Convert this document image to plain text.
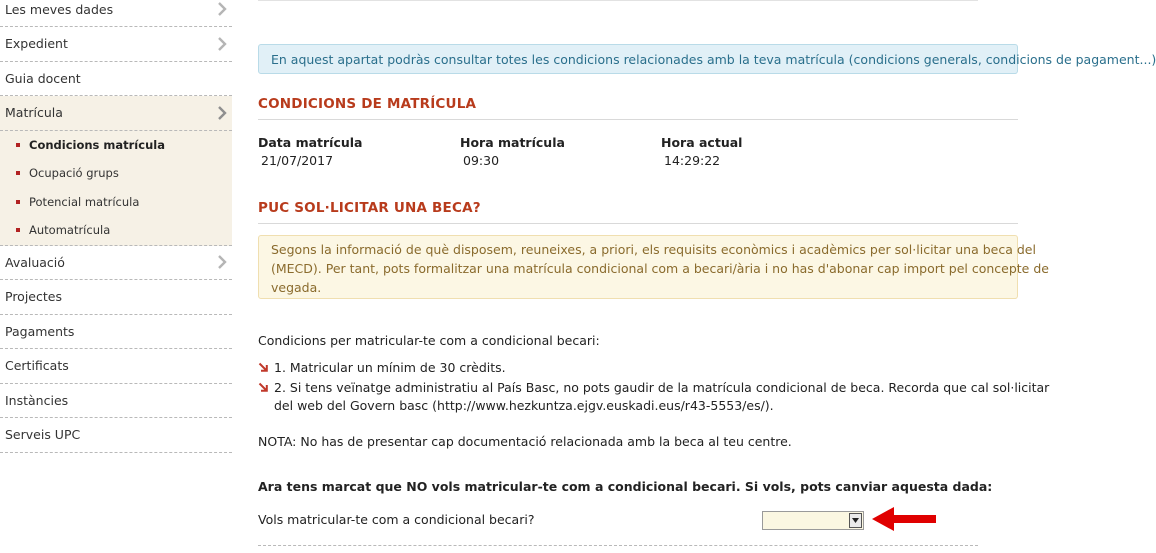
Les meves dades
Expedient
Guia docent
Matrícula
Condicions matrícula
Ocupació grups
Potencial matrícula
Automatrícula
Avaluació
Projectes
Pagaments
Certificats
Instàncies
Serveis UPC
En aquest apartat podràs consultar totes les condicions relacionades amb la teva matrícula (condicions generals, condicions de pagament...)
CONDICIONS DE MATRÍCULA
Data matrícula
21/07/2017
Hora matrícula
09:30
Hora actual
14:29:22
PUC SOL·LICITAR UNA BECA?
Segons la informació de què disposem, reuneixes, a priori, els requisits econòmics i acadèmics per sol·licitar una beca del
(MECD). Per tant, pots formalitzar una matrícula condicional com a becari/ària i no has d'abonar cap import pel concepte de
vegada.
Condicions per matricular-te com a condicional becari:
1. Matricular un mínim de 30 crèdits.
2. Si tens veïnatge administratiu al País Basc, no pots gaudir de la matrícula condicional de beca. Recorda que cal sol·licitar
del web del Govern basc (http://www.hezkuntza.ejgv.euskadi.eus/r43-5553/es/).
NOTA: No has de presentar cap documentació relacionada amb la beca al teu centre.
Ara tens marcat que NO vols matricular-te com a condicional becari. Si vols, pots canviar aquesta dada:
Vols matricular-te com a condicional becari?
